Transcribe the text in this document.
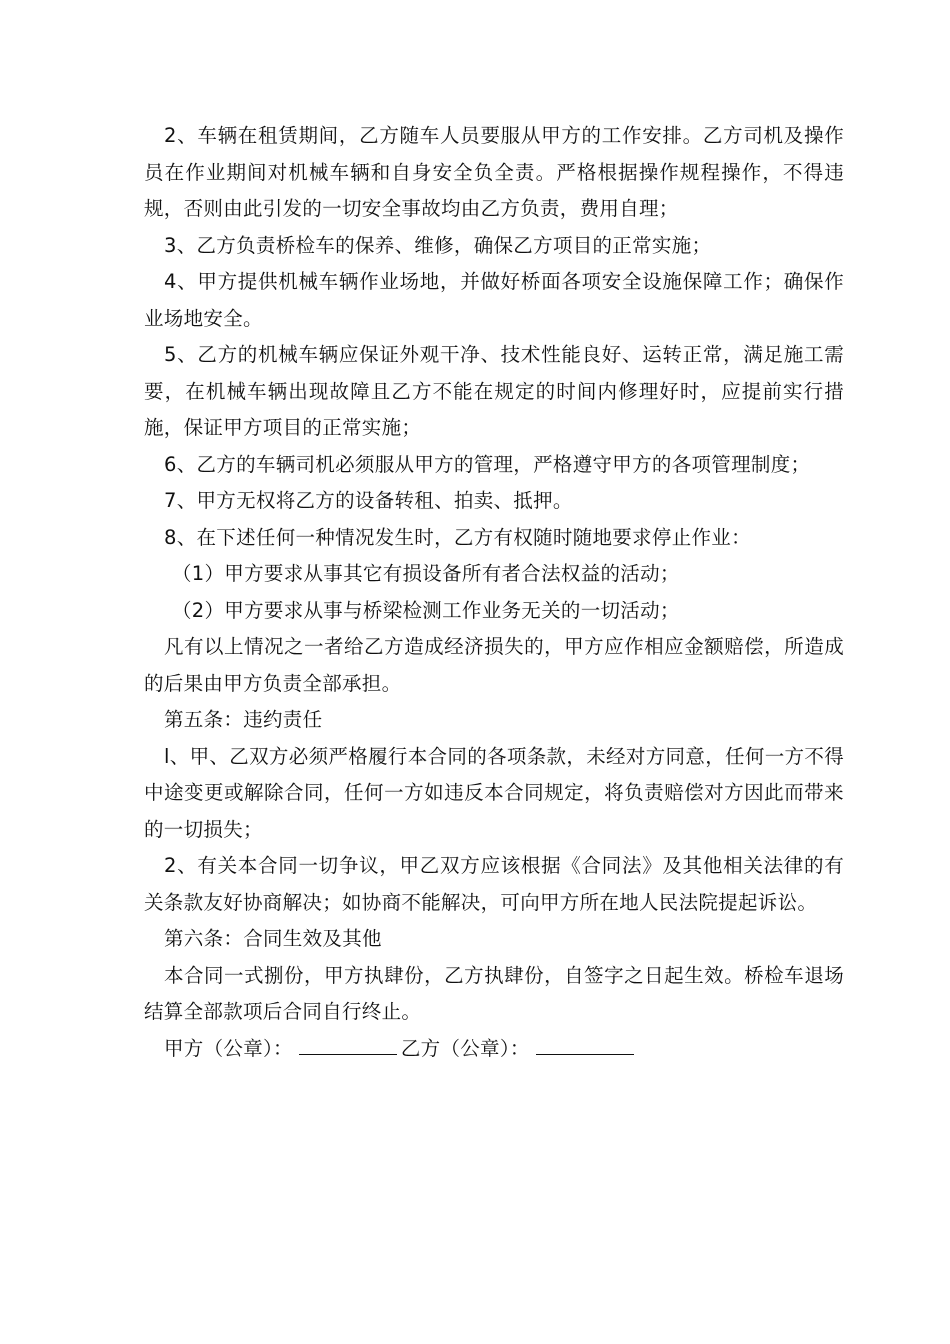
2、车辆在租赁期间，乙方随车人员要服从甲方的工作安排。乙方司机及操作员在作业期间对机械车辆和自身安全负全责。严格根据操作规程操作，不得违规，否则由此引发的一切安全事故均由乙方负责，费用自理；

3、乙方负责桥检车的保养、维修，确保乙方项目的正常实施；

4、甲方提供机械车辆作业场地，并做好桥面各项安全设施保障工作；确保作业场地安全。

5、乙方的机械车辆应保证外观干净、技术性能良好、运转正常，满足施工需要，在机械车辆出现故障且乙方不能在规定的时间内修理好时，应提前实行措施，保证甲方项目的正常实施；

6、乙方的车辆司机必须服从甲方的管理，严格遵守甲方的各项管理制度；

7、甲方无权将乙方的设备转租、拍卖、抵押。

8、在下述任何一种情况发生时，乙方有权随时随地要求停止作业：

（1）甲方要求从事其它有损设备所有者合法权益的活动；

（2）甲方要求从事与桥梁检测工作业务无关的一切活动；

凡有以上情况之一者给乙方造成经济损失的，甲方应作相应金额赔偿，所造成的后果由甲方负责全部承担。

第五条：违约责任

l、甲、乙双方必须严格履行本合同的各项条款，未经对方同意，任何一方不得中途变更或解除合同，任何一方如违反本合同规定，将负责赔偿对方因此而带来的一切损失；

2、有关本合同一切争议，甲乙双方应该根据《合同法》及其他相关法律的有关条款友好协商解决；如协商不能解决，可向甲方所在地人民法院提起诉讼。

第六条：合同生效及其他

本合同一式捌份，甲方执肆份，乙方执肆份，自签字之日起生效。桥检车退场结算全部款项后合同自行终止。

甲方（公章）：	乙方（公章）：
